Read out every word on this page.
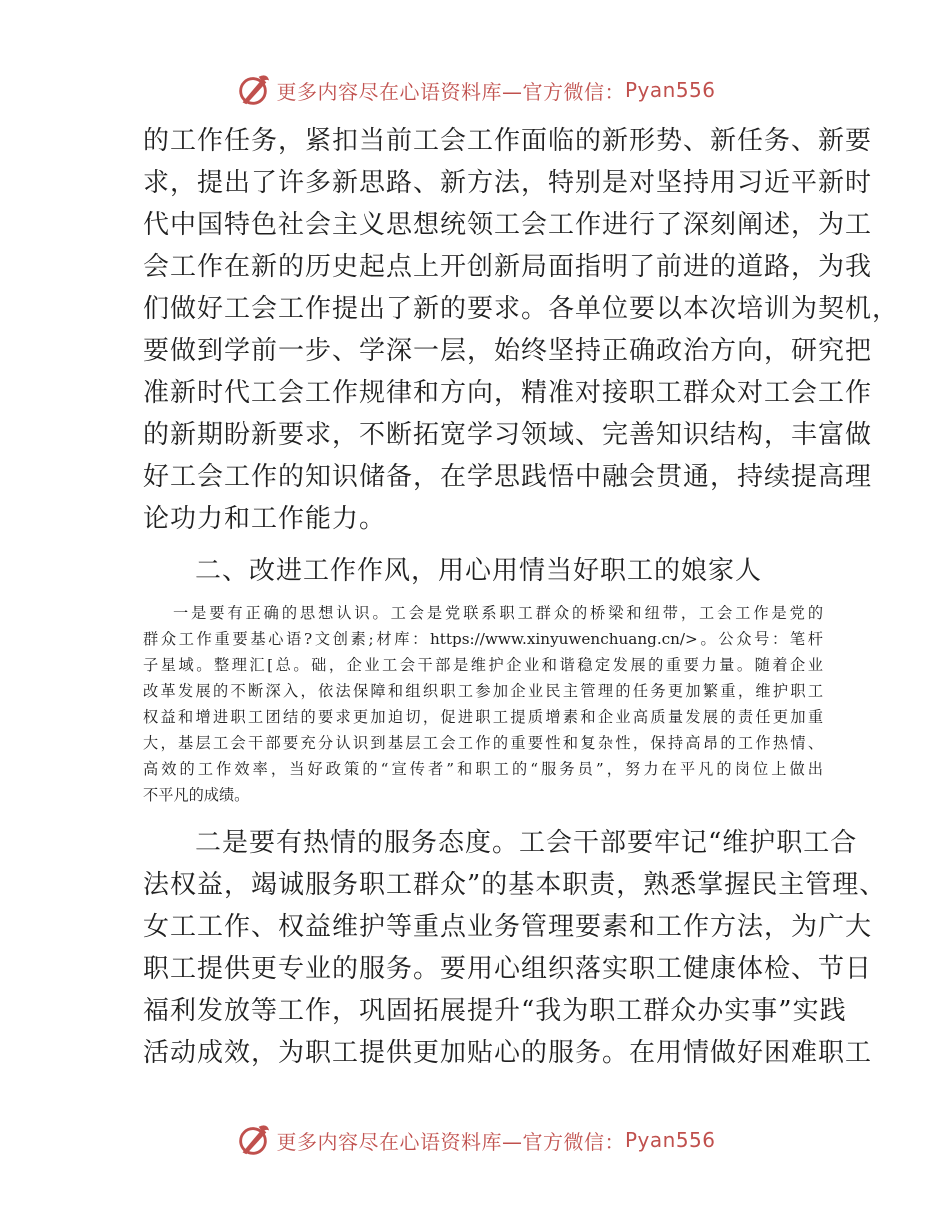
更多内容尽在心语资料库—官方微信： Pyan556
的工作任务，紧扣当前工会工作面临的新形势、新任务、新要
求，提出了许多新思路、新方法，特别是对坚持用习近平新时
代中国特色社会主义思想统领工会工作进行了深刻阐述，为工
会工作在新的历史起点上开创新局面指明了前进的道路，为我
们做好工会工作提出了新的要求。各单位要以本次培训为契机，
要做到学前一步、学深一层，始终坚持正确政治方向，研究把
准新时代工会工作规律和方向，精准对接职工群众对工会工作
的新期盼新要求，不断拓宽学习领域、完善知识结构，丰富做
好工会工作的知识储备，在学思践悟中融会贯通，持续提高理
论功力和工作能力。
二、改进工作作风，用心用情当好职工的娘家人
一是要有正确的思想认识。工会是党联系职工群众的桥梁和纽带，工会工作是党的
群众工作重要基心语?文创素;材库：https://www.xinyuwenchuang.cn/>。公众号：笔杆
子星域。整理汇[总。础，企业工会干部是维护企业和谐稳定发展的重要力量。随着企业
改革发展的不断深入，依法保障和组织职工参加企业民主管理的任务更加繁重，维护职工
权益和增进职工团结的要求更加迫切，促进职工提质增素和企业高质量发展的责任更加重
大，基层工会干部要充分认识到基层工会工作的重要性和复杂性，保持高昂的工作热情、
高效的工作效率，当好政策的“宣传者”和职工的“服务员”，努力在平凡的岗位上做出
不平凡的成绩。
二是要有热情的服务态度。工会干部要牢记“维护职工合
法权益，竭诚服务职工群众”的基本职责，熟悉掌握民主管理、
女工工作、权益维护等重点业务管理要素和工作方法，为广大
职工提供更专业的服务。要用心组织落实职工健康体检、节日
福利发放等工作，巩固拓展提升“我为职工群众办实事”实践
活动成效，为职工提供更加贴心的服务。在用情做好困难职工
更多内容尽在心语资料库—官方微信： Pyan556
